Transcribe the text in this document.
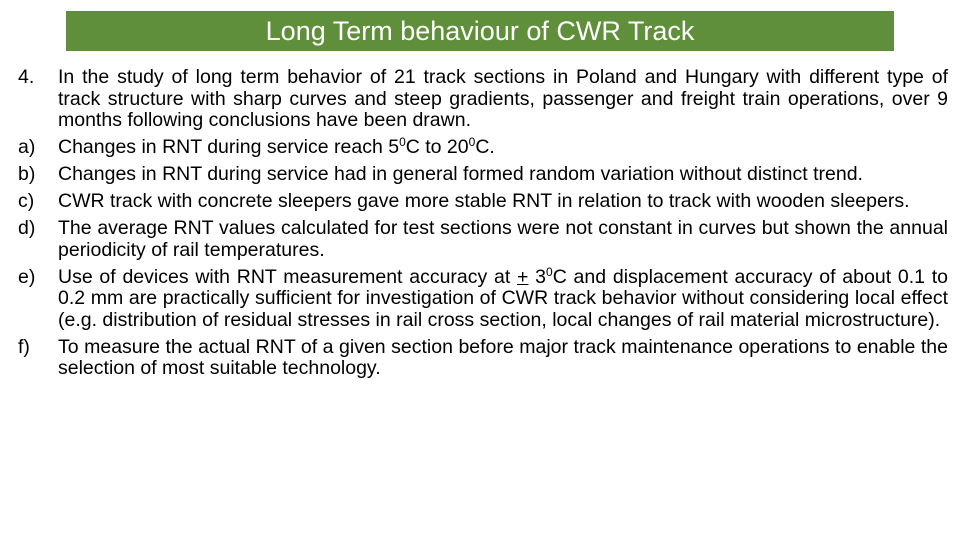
Long Term behaviour of CWR Track
4.	In the study of long term behavior of 21 track sections in Poland and Hungary with different type of track structure with sharp curves and steep gradients, passenger and freight train operations, over 9 months following conclusions have been drawn.
a)	Changes in RNT during service reach $5^0C$ to $20^0C$.
b)	Changes in RNT during service had in general formed random variation without distinct trend.
c)	CWR track with concrete sleepers gave more stable RNT in relation to track with wooden sleepers.
d)	The average RNT values calculated for test sections were not constant in curves but shown the annual periodicity of rail temperatures.
e)	Use of devices with RNT measurement accuracy at + $3^0C$ and displacement accuracy of about 0.1 to 0.2 mm are practically sufficient for investigation of CWR track behavior without considering local effect (e.g. distribution of residual stresses in rail cross section, local changes of rail material microstructure).
f)	To measure the actual RNT of a given section before major track maintenance operations to enable the selection of most suitable technology.
